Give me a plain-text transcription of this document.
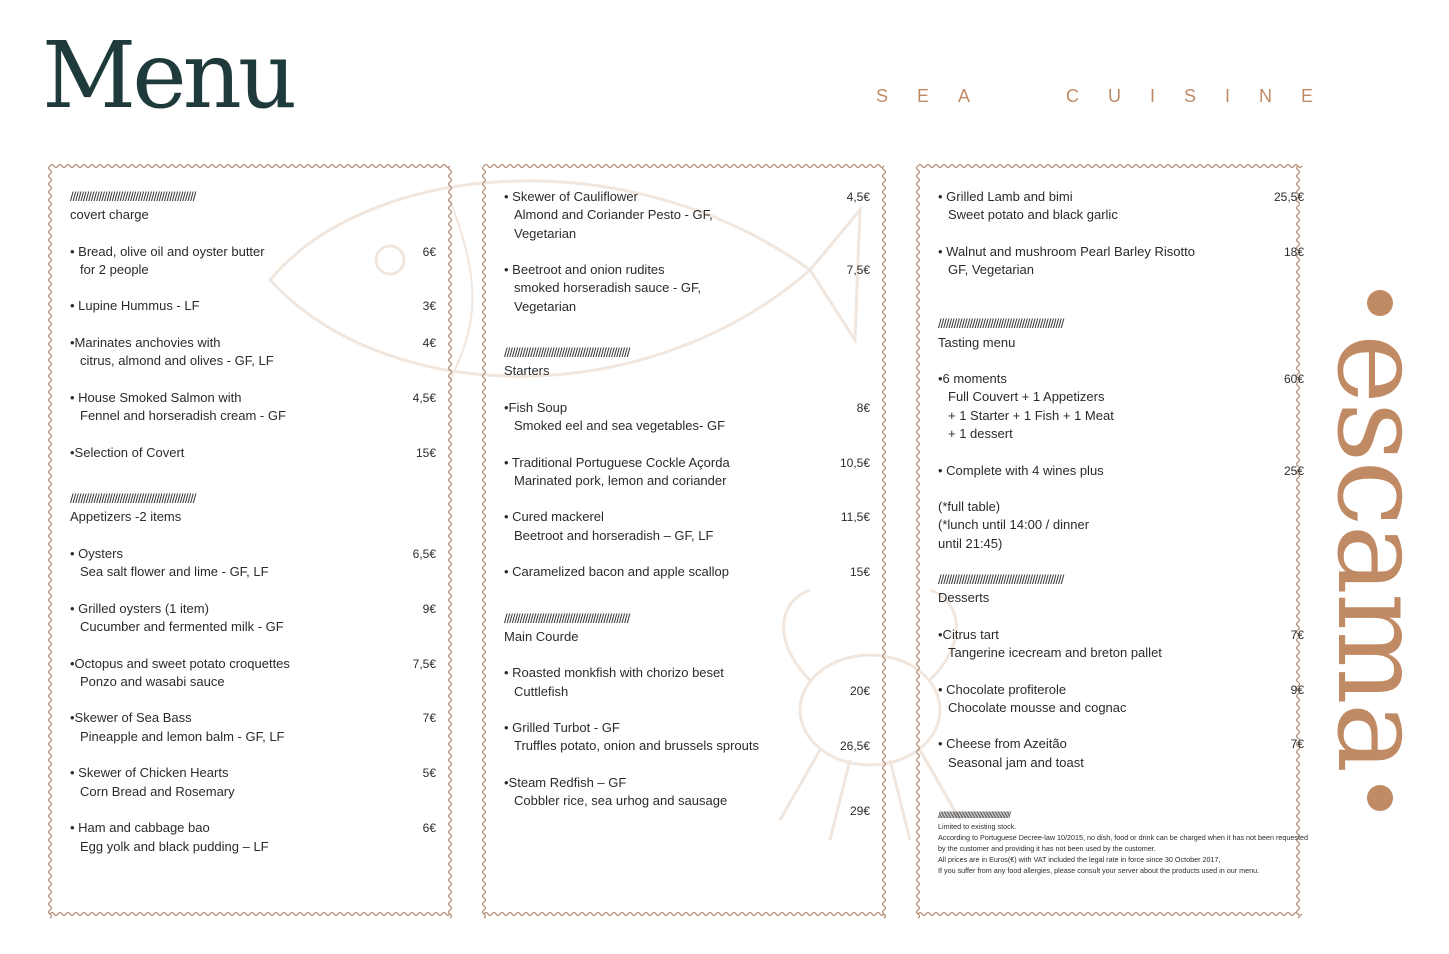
Menu	SEA  CUISINE
escama
////////////////////////////////////////////////
covert charge
6€
• Bread, olive oil and oyster butter
for 2 people
3€
• Lupine Hummus - LF
4€
•Marinates anchovies with
citrus, almond and olives - GF, LF
4,5€
• House Smoked Salmon with
Fennel and horseradish cream - GF
15€
•Selection of Covert
////////////////////////////////////////////////
Appetizers -2 items
6,5€
• Oysters
Sea salt flower and lime - GF, LF
9€
• Grilled oysters (1 item)
Cucumber and fermented milk - GF
7,5€
•Octopus and sweet potato croquettes
Ponzo and wasabi sauce
7€
•Skewer of Sea Bass
Pineapple and lemon balm - GF, LF
5€
• Skewer of Chicken Hearts
Corn Bread and Rosemary
6€
• Ham and cabbage bao
Egg yolk and black pudding – LF
4,5€
• Skewer of Cauliflower
Almond and Coriander Pesto - GF,
Vegetarian
7,5€
• Beetroot and onion rudites
smoked horseradish sauce - GF,
Vegetarian
////////////////////////////////////////////////
Starters
8€
•Fish Soup
Smoked eel and sea vegetables- GF
10,5€
• Traditional Portuguese Cockle Açorda
Marinated pork, lemon and coriander
11,5€
• Cured mackerel
Beetroot and horseradish – GF, LF
15€
• Caramelized bacon and apple scallop
////////////////////////////////////////////////
Main Courde
20€
• Roasted monkfish with chorizo beset
Cuttlefish
26,5€
• Grilled Turbot - GF
Truffles potato, onion and brussels sprouts
29€
•Steam Redfish – GF
Cobbler rice, sea urhog and sausage
25,5€
• Grilled Lamb and bimi
Sweet potato and black garlic
18€
• Walnut and mushroom Pearl Barley Risotto
GF, Vegetarian
////////////////////////////////////////////////
Tasting menu
60€
•6 moments
Full Couvert + 1 Appetizers
+ 1 Starter + 1 Fish + 1 Meat
+ 1 dessert
25€
• Complete with 4 wines plus
(*full table)
(*lunch until 14:00 / dinner
until 21:45)
////////////////////////////////////////////////
Desserts
7€
•Citrus tart
Tangerine icecream and breton pallet
9€
• Chocolate profiterole
Chocolate mousse and cognac
7€
• Cheese from Azeitão
Seasonal jam and toast
////////////////////////////////////////////////
Limited to existing stock.
According to Portuguese Decree-law 10/2015, no dish, food or drink can be charged when it has not been requested by the customer and providing it has not been used by the customer.
All prices are in Euros(€) with VAT included the legal rate in force since 30 October 2017,
If you suffer from any food allergies, please consult your server about the products used in our menu.
